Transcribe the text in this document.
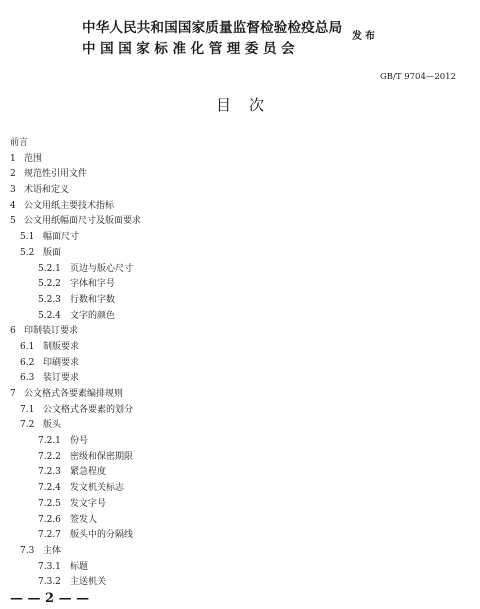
中华人民共和国国家质量监督检验检疫总局
中国国家标准化管理委员会
发布
GB/T 9704—2012
目次
前言
1 范围
2 规范性引用文件
3 术语和定义
4 公文用纸主要技术指标
5 公文用纸幅面尺寸及版面要求
5.1 幅面尺寸
5.2 版面
5.2.1 页边与版心尺寸
5.2.2 字体和字号
5.2.3 行数和字数
5.2.4 文字的颜色
6 印制装订要求
6.1 制版要求
6.2 印刷要求
6.3 装订要求
7 公文格式各要素编排规则
7.1 公文格式各要素的划分
7.2 版头
7.2.1 份号
7.2.2 密级和保密期限
7.2.3 紧急程度
7.2.4 发文机关标志
7.2.5 发文字号
7.2.6 签发人
7.2.7 版头中的分隔线
7.3 主体
7.3.1 标题
7.3.2 主送机关
— — 2 — —
